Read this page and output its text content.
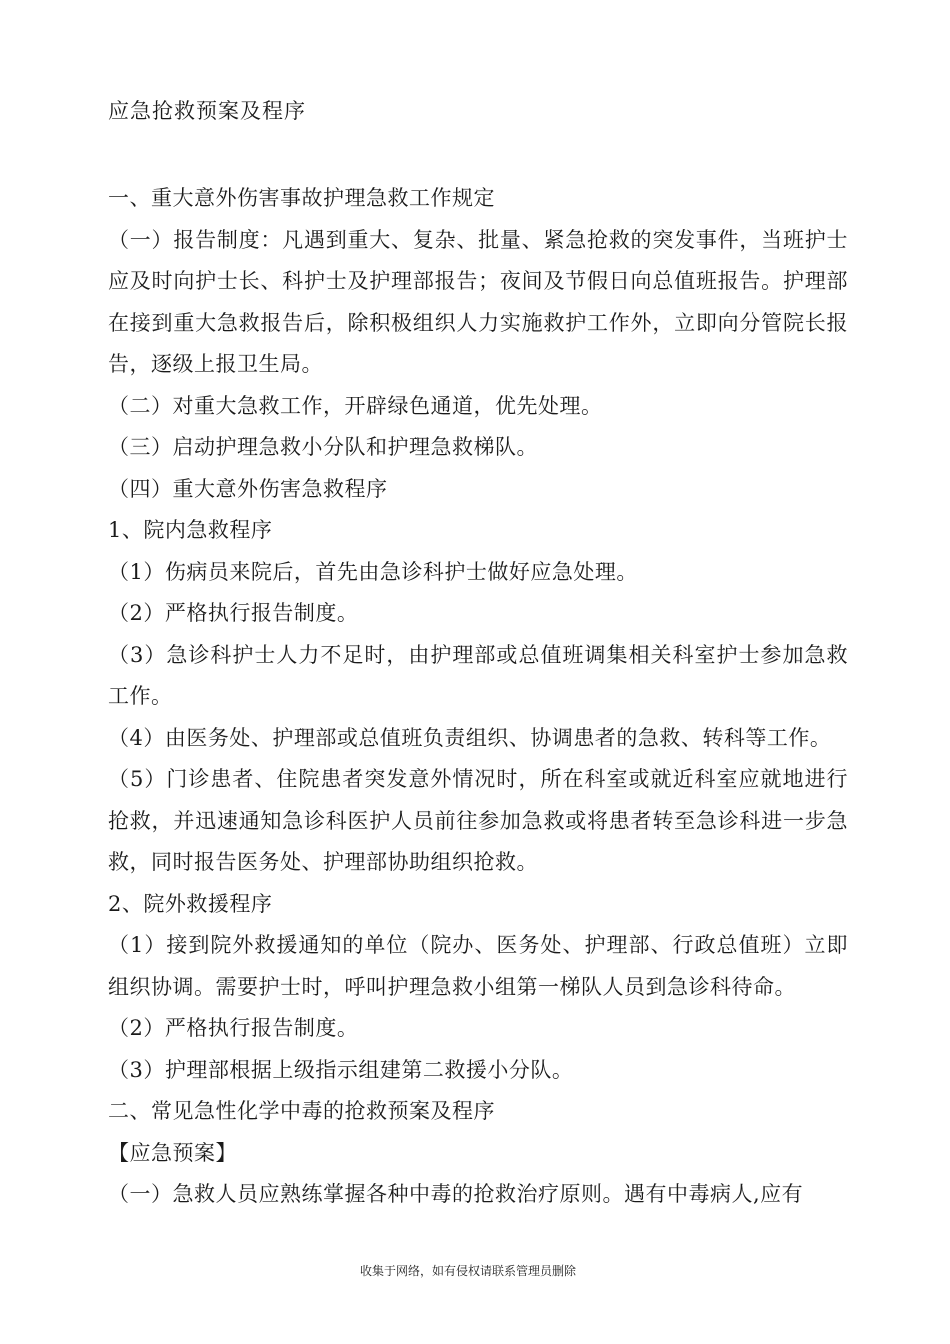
应急抢救预案及程序

一、重大意外伤害事故护理急救工作规定

（一）报告制度：凡遇到重大、复杂、批量、紧急抢救的突发事件，当班护士应及时向护士长、科护士及护理部报告；夜间及节假日向总值班报告。护理部在接到重大急救报告后，除积极组织人力实施救护工作外，立即向分管院长报告，逐级上报卫生局。

（二）对重大急救工作，开辟绿色通道，优先处理。

（三）启动护理急救小分队和护理急救梯队。

（四）重大意外伤害急救程序

1、院内急救程序

（1）伤病员来院后，首先由急诊科护士做好应急处理。

（2）严格执行报告制度。

（3）急诊科护士人力不足时，由护理部或总值班调集相关科室护士参加急救工作。

（4）由医务处、护理部或总值班负责组织、协调患者的急救、转科等工作。

（5）门诊患者、住院患者突发意外情况时，所在科室或就近科室应就地进行抢救，并迅速通知急诊科医护人员前往参加急救或将患者转至急诊科进一步急救，同时报告医务处、护理部协助组织抢救。

2、院外救援程序

（1）接到院外救援通知的单位（院办、医务处、护理部、行政总值班）立即组织协调。需要护士时，呼叫护理急救小组第一梯队人员到急诊科待命。

（2）严格执行报告制度。

（3）护理部根据上级指示组建第二救援小分队。

二、常见急性化学中毒的抢救预案及程序

【应急预案】

（一）急救人员应熟练掌握各种中毒的抢救治疗原则。遇有中毒病人,应有

收集于网络，如有侵权请联系管理员删除
